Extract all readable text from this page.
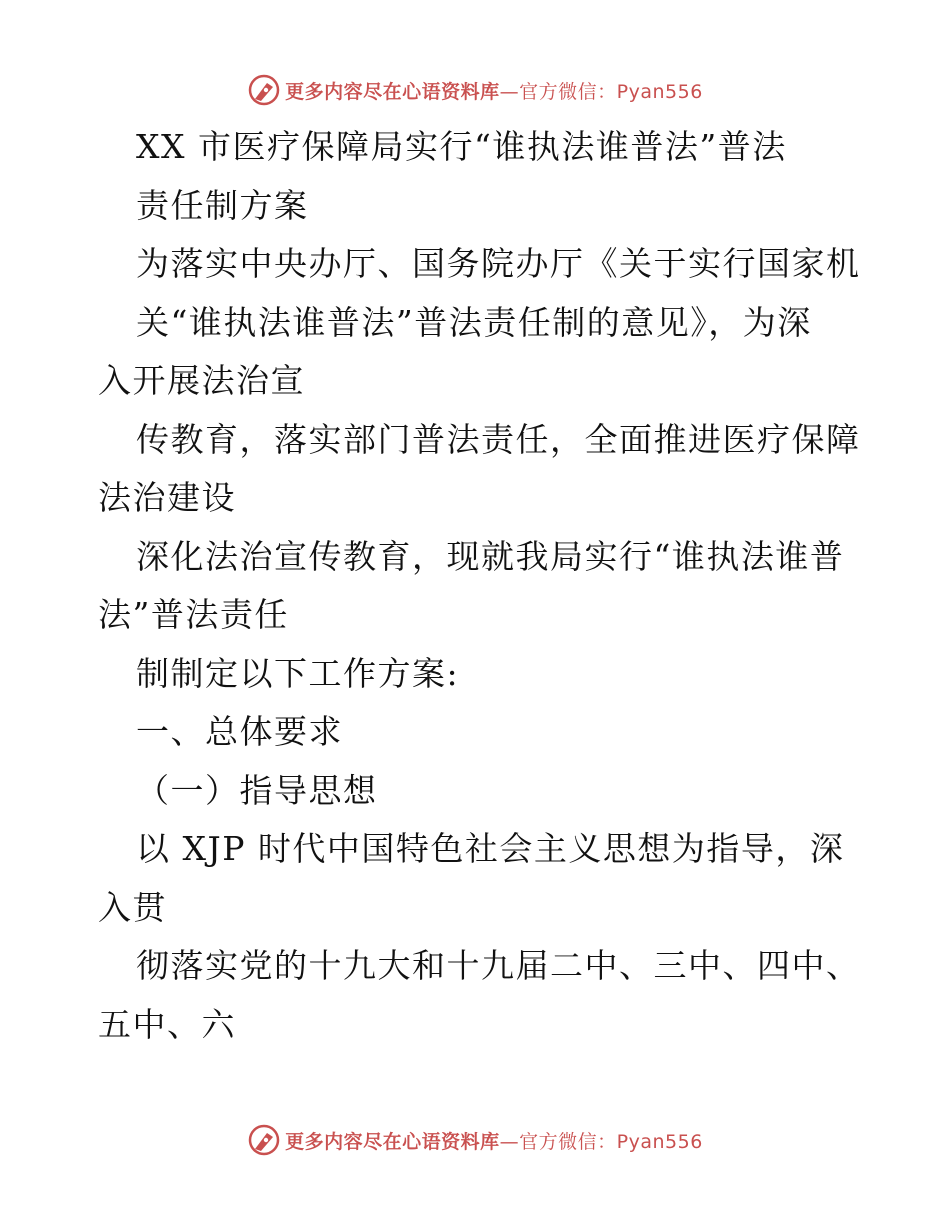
更多内容尽在心语资料库—官方微信：Pyan556
XX 市医疗保障局实行“谁执法谁普法”普法
责任制方案
为落实中央办厅、国务院办厅《关于实行国家机
关“谁执法谁普法”普法责任制的意见》，为深
入开展法治宣
传教育，落实部门普法责任，全面推进医疗保障
法治建设
深化法治宣传教育，现就我局实行“谁执法谁普
法”普法责任
制制定以下工作方案:
一、总体要求
（一）指导思想
以 XJP 时代中国特色社会主义思想为指导，深
入贯
彻落实党的十九大和十九届二中、三中、四中、
五中、六
更多内容尽在心语资料库—官方微信：Pyan556
